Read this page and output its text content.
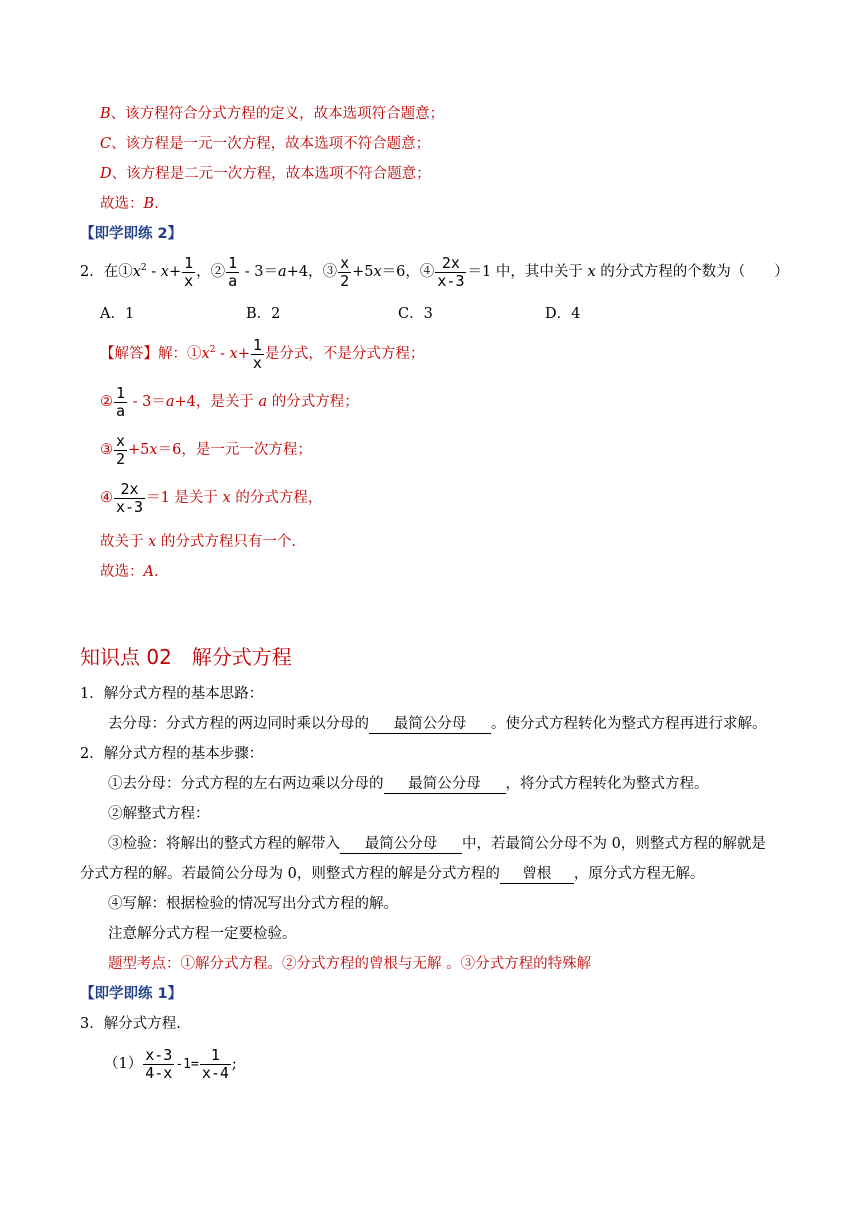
B、该方程符合分式方程的定义，故本选项符合题意；
C、该方程是一元一次方程，故本选项不符合题意；
D、该方程是二元一次方程，故本选项不符合题意；
故选：B.
【即学即练 2】
2．在$①x^2 - x+ \frac{1}{x}$ ，② $\frac{1}{a} - 3=a+4$，③ $\frac{x}{2} +5x=6$，④ $\frac{2x}{x-3} =1$ 中，其中关于 x 的分式方程的个数为（　　）
A．1	B．2	C．3	D．4
【解答】解：$①x^2 - x+ \frac{1}{x}$ 是分式，不是分式方程；
② $\frac{1}{a} - 3=a+4$，是关于 a 的分式方程；
③ $\frac{x}{2} +5x=6$，是一元一次方程；
④ $\frac{2x}{x-3} =1$ 是关于 x 的分式方程，
故关于 x 的分式方程只有一个.
故选：A.
知识点 02　解分式方程
1．解分式方程的基本思路：
去分母：分式方程的两边同时乘以分母的 最简公分母 。使分式方程转化为整式方程再进行求解。
2．解分式方程的基本步骤：
①去分母：分式方程的左右两边乘以分母的 最简公分母 ，将分式方程转化为整式方程。
②解整式方程：
③检验：将解出的整式方程的解带入 最简公分母 中，若最简公分母不为 0，则整式方程的解就是
分式方程的解。若最简公分母为 0，则整式方程的解是分式方程的 曾根 ，原分式方程无解。
④写解：根据检验的情况写出分式方程的解。
注意解分式方程一定要检验。
题型考点：①解分式方程。②分式方程的曾根与无解 。③分式方程的特殊解
【即学即练 1】
3．解分式方程.
$(1) \frac{x-3}{4-x} -1= \frac{1}{x-4}$ ;
